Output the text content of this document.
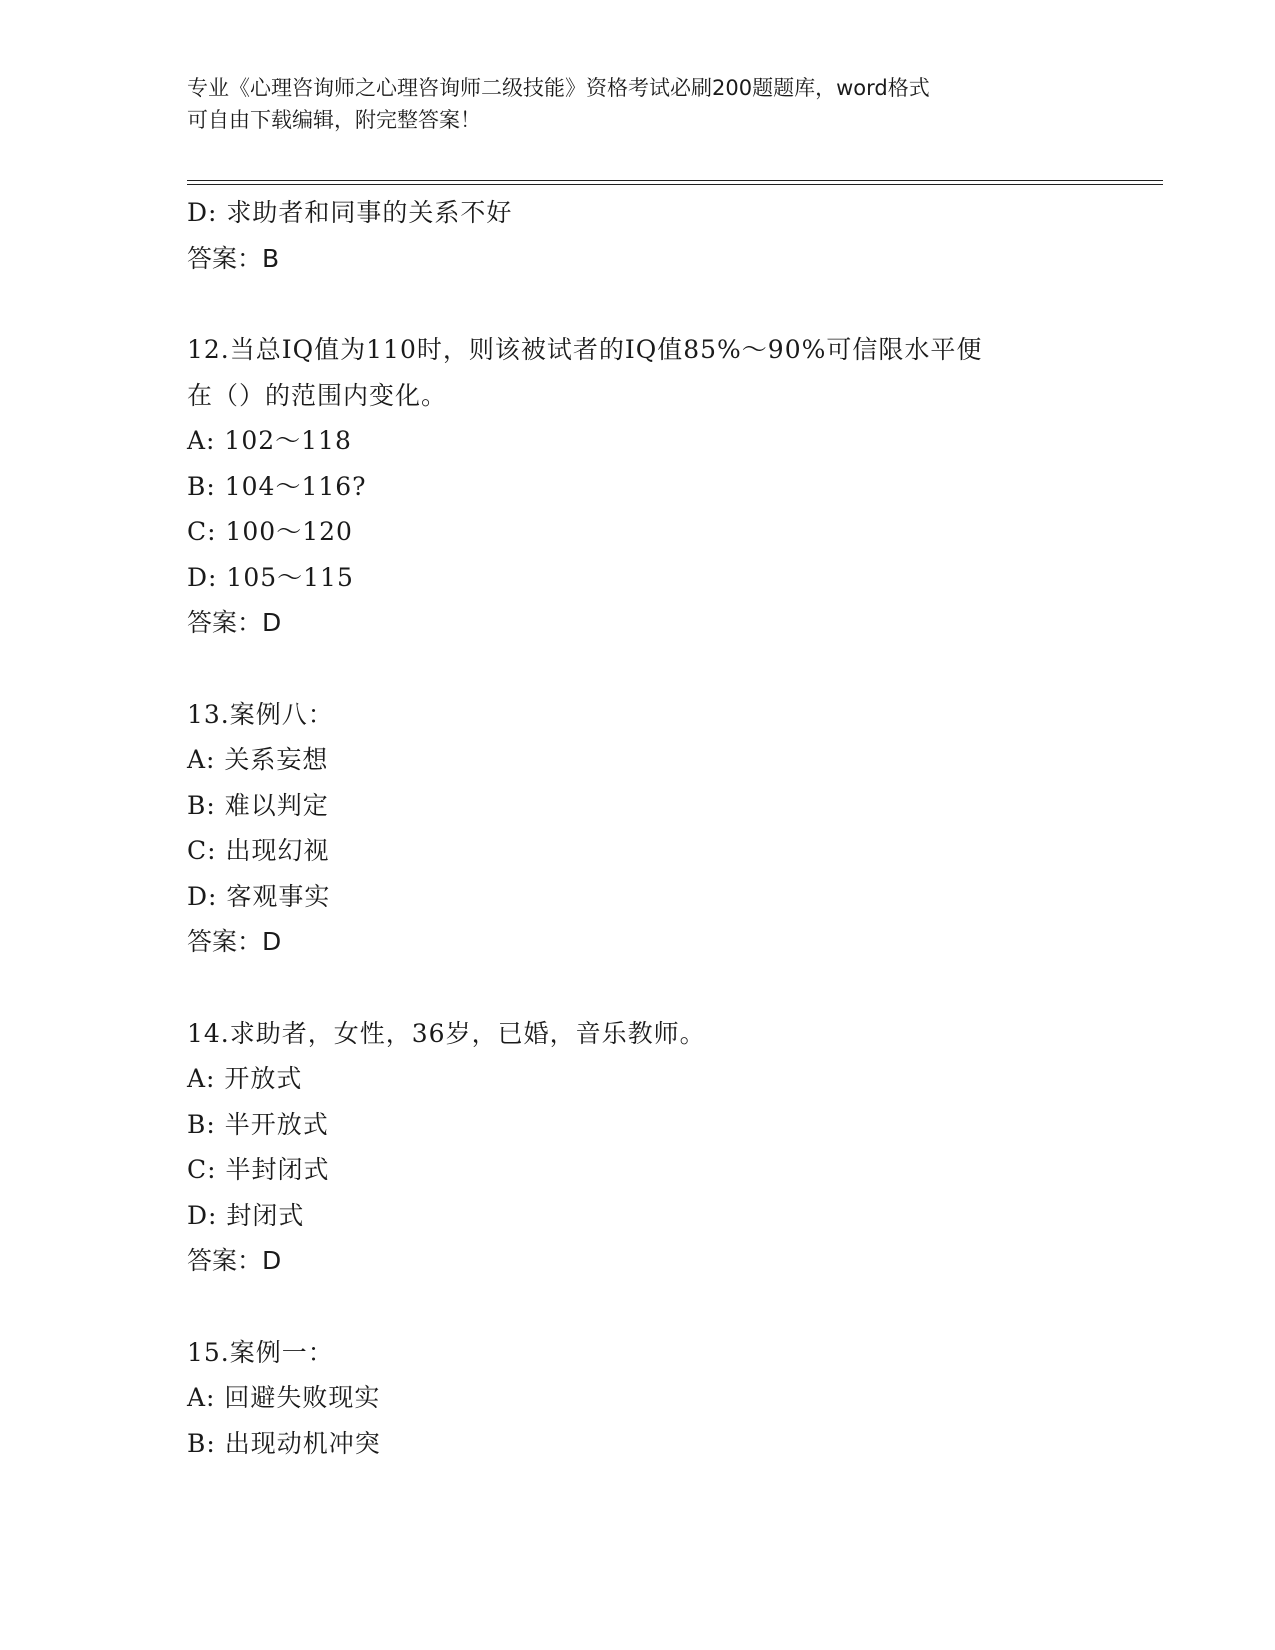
专业《心理咨询师之心理咨询师二级技能》资格考试必刷200题题库，word格式
可自由下载编辑，附完整答案！
D: 求助者和同事的关系不好
答案：B
12.当总IQ值为110时，则该被试者的IQ值85%～90%可信限水平便
在（）的范围内变化。
A: 102～118
B: 104～116?
C: 100～120
D: 105～115
答案：D
13.案例八：
A: 关系妄想
B: 难以判定
C: 出现幻视
D: 客观事实
答案：D
14.求助者，女性，36岁，已婚，音乐教师。
A: 开放式
B: 半开放式
C: 半封闭式
D: 封闭式
答案：D
15.案例一：
A: 回避失败现实
B: 出现动机冲突
